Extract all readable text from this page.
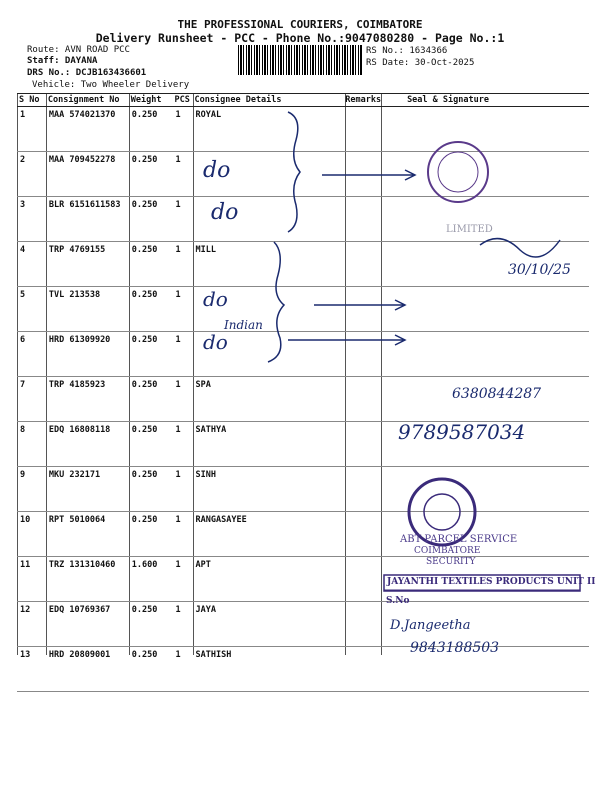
THE PROFESSIONAL COURIERS, COIMBATORE
Delivery Runsheet - PCC - Phone No.:9047080280 - Page No.:1
Route: AVN ROAD PCC
Staff: DAYANA
DRS No.: DCJB163436601
Vehicle: Two Wheeler Delivery
RS No.: 1634366
RS Date: 30-Oct-2025
S No	Consignment No	Weight	PCS	Consignee Details	Remarks	Seal & Signature
1	MAA 574021370	0.250	1	ROYAL		
2	MAA 709452278	0.250	1			
3	BLR 6151611583	0.250	1			
4	TRP 4769155	0.250	1	MILL		
5	TVL 213538	0.250	1			
6	HRD 61309920	0.250	1			
7	TRP 4185923	0.250	1	SPA		
8	EDQ 16808118	0.250	1	SATHYA		
9	MKU 232171	0.250	1	SINH		
10	RPT 5010064	0.250	1	RANGASAYEE		
11	TRZ 131310460	1.600	1	APT		
12	EDQ 10769367	0.250	1	JAYA		
13	HRD 20809001	0.250	1	SATHISH		
do
do
do
do
Indian
30/10/25
6380844287
9789587034
9843188503
D.Jangeetha
JAYANTHI TEXTILES PRODUCTS UNIT II
S.No
ABT PARCEL SERVICE
COIMBATORE
SECURITY
LIMITED
